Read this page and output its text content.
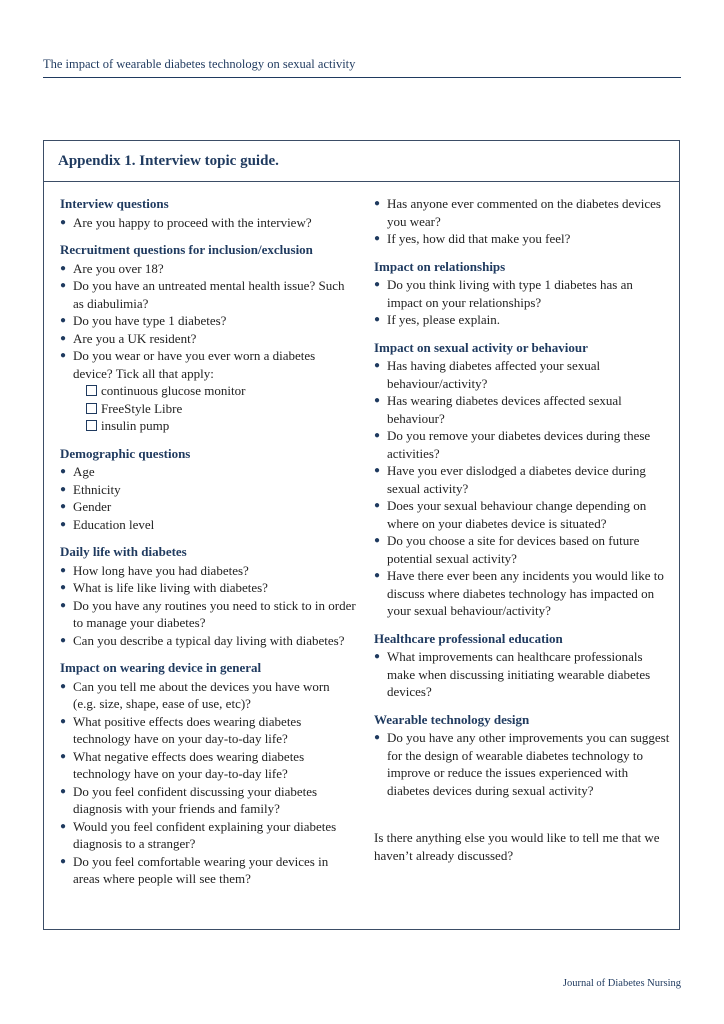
The impact of wearable diabetes technology on sexual activity
Appendix 1. Interview topic guide.
Interview questions
● Are you happy to proceed with the interview?
Recruitment questions for inclusion/exclusion
● Are you over 18?
● Do you have an untreated mental health issue? Such as diabulimia?
● Do you have type 1 diabetes?
● Are you a UK resident?
● Do you wear or have you ever worn a diabetes device? Tick all that apply:
continuous glucose monitor
FreeStyle Libre
insulin pump
Demographic questions
● Age
● Ethnicity
● Gender
● Education level
Daily life with diabetes
● How long have you had diabetes?
● What is life like living with diabetes?
● Do you have any routines you need to stick to in order to manage your diabetes?
● Can you describe a typical day living with diabetes?
Impact on wearing device in general
● Can you tell me about the devices you have worn (e.g. size, shape, ease of use, etc)?
● What positive effects does wearing diabetes technology have on your day-to-day life?
● What negative effects does wearing diabetes technology have on your day-to-day life?
● Do you feel confident discussing your diabetes diagnosis with your friends and family?
● Would you feel confident explaining your diabetes diagnosis to a stranger?
● Do you feel comfortable wearing your devices in areas where people will see them?
● Has anyone ever commented on the diabetes devices you wear?
● If yes, how did that make you feel?
Impact on relationships
● Do you think living with type 1 diabetes has an impact on your relationships?
● If yes, please explain.
Impact on sexual activity or behaviour
● Has having diabetes affected your sexual behaviour/activity?
● Has wearing diabetes devices affected sexual behaviour?
● Do you remove your diabetes devices during these activities?
● Have you ever dislodged a diabetes device during sexual activity?
● Does your sexual behaviour change depending on where on your diabetes device is situated?
● Do you choose a site for devices based on future potential sexual activity?
● Have there ever been any incidents you would like to discuss where diabetes technology has impacted on your sexual behaviour/activity?
Healthcare professional education
● What improvements can healthcare professionals make when discussing initiating wearable diabetes devices?
Wearable technology design
● Do you have any other improvements you can suggest for the design of wearable diabetes technology to improve or reduce the issues experienced with diabetes devices during sexual activity?
Is there anything else you would like to tell me that we haven’t already discussed?
Journal of Diabetes Nursing
